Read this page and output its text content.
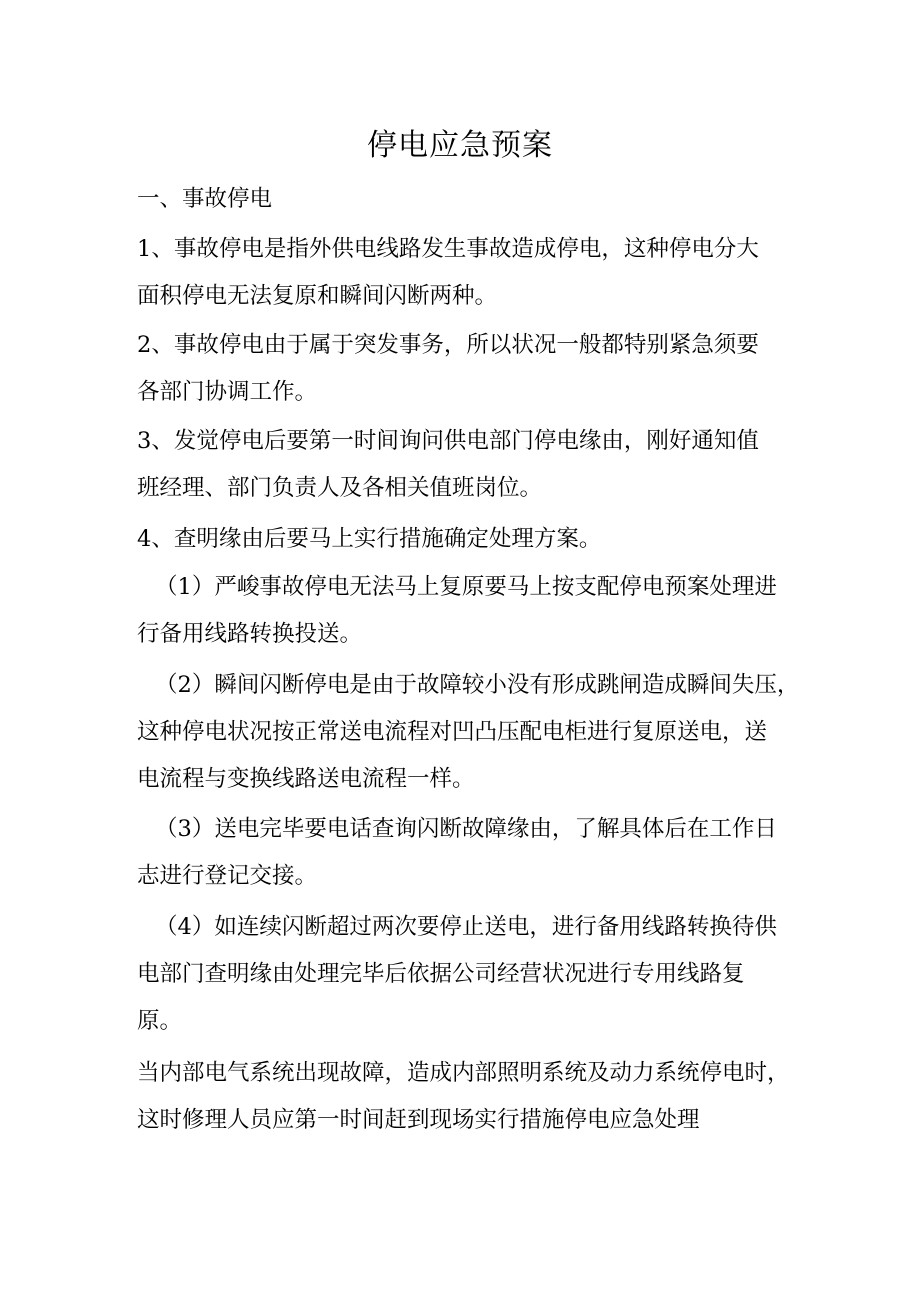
停电应急预案
一、事故停电
1、事故停电是指外供电线路发生事故造成停电，这种停电分大
面积停电无法复原和瞬间闪断两种。
2、事故停电由于属于突发事务，所以状况一般都特别紧急须要
各部门协调工作。
3、发觉停电后要第一时间询问供电部门停电缘由，刚好通知值
班经理、部门负责人及各相关值班岗位。
4、查明缘由后要马上实行措施确定处理方案。
（1）严峻事故停电无法马上复原要马上按支配停电预案处理进
行备用线路转换投送。
（2）瞬间闪断停电是由于故障较小没有形成跳闸造成瞬间失压，
这种停电状况按正常送电流程对凹凸压配电柜进行复原送电，送
电流程与变换线路送电流程一样。
（3）送电完毕要电话查询闪断故障缘由，了解具体后在工作日
志进行登记交接。
（4）如连续闪断超过两次要停止送电，进行备用线路转换待供
电部门查明缘由处理完毕后依据公司经营状况进行专用线路复
原。
当内部电气系统出现故障，造成内部照明系统及动力系统停电时，
这时修理人员应第一时间赶到现场实行措施停电应急处理
